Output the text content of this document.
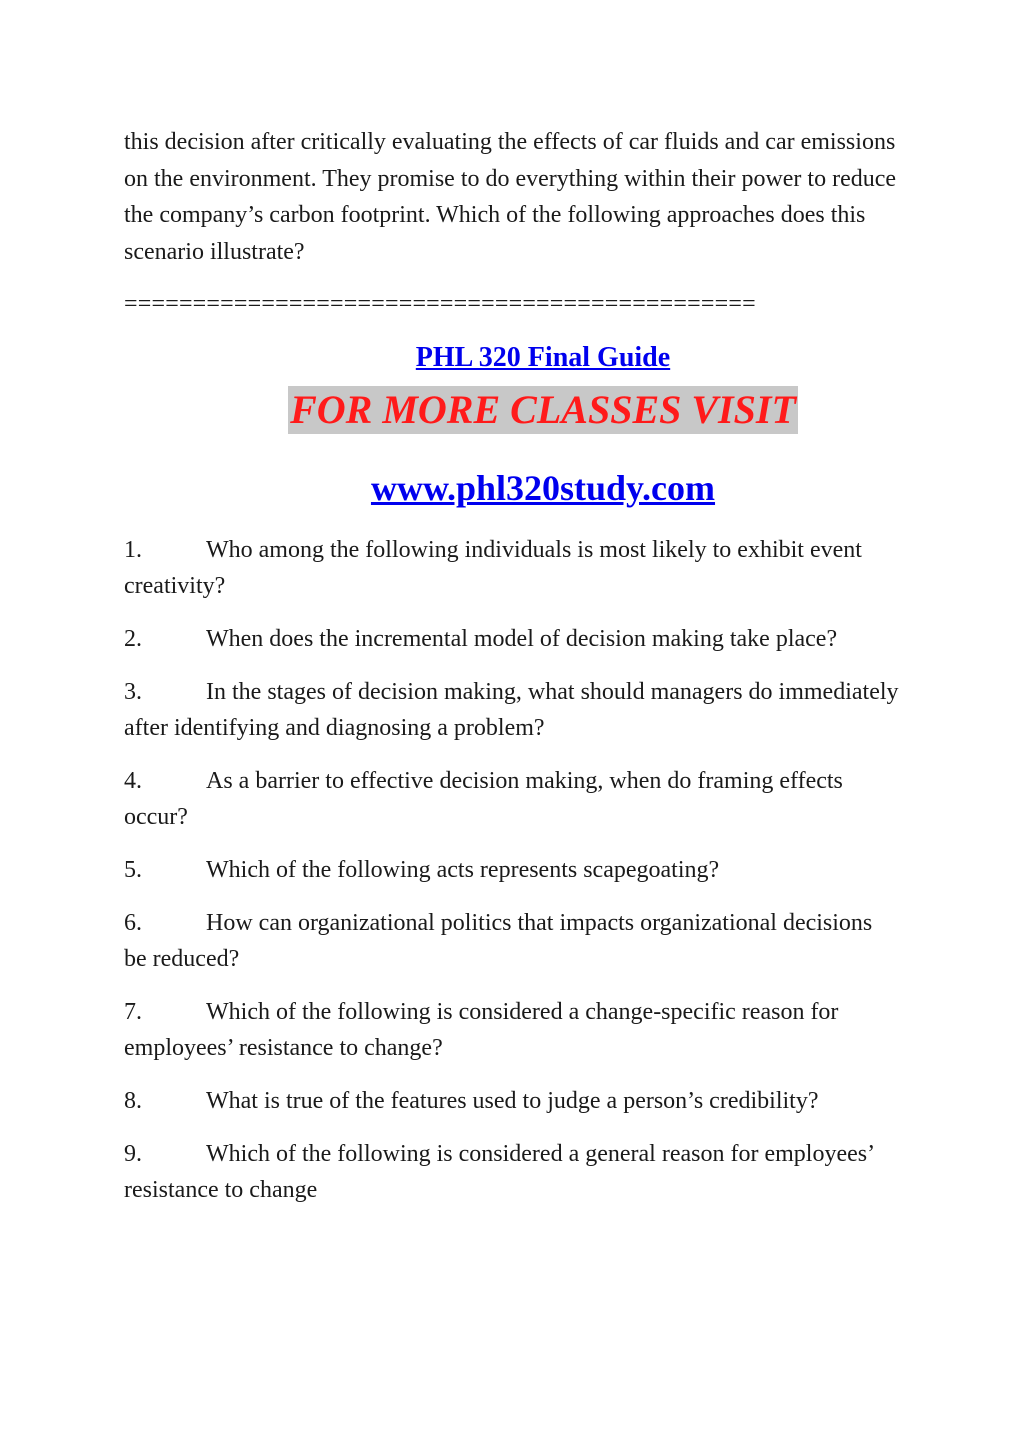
this decision after critically evaluating the effects of car fluids and car emissions on the environment. They promise to do everything within their power to reduce the company’s carbon footprint. Which of the following approaches does this scenario illustrate?

==============================================
PHL 320 Final Guide
FOR MORE CLASSES VISIT
www.phl320study.com
1.	Who among the following individuals is most likely to exhibit event creativity?
2.	When does the incremental model of decision making take place?
3.	In the stages of decision making, what should managers do immediately after identifying and diagnosing a problem?
4.	As a barrier to effective decision making, when do framing effects occur?
5.	Which of the following acts represents scapegoating?
6.	How can organizational politics that impacts organizational decisions be reduced?
7.	Which of the following is considered a change-specific reason for employees’ resistance to change?
8.	What is true of the features used to judge a person’s credibility?
9.	Which of the following is considered a general reason for employees’ resistance to change
